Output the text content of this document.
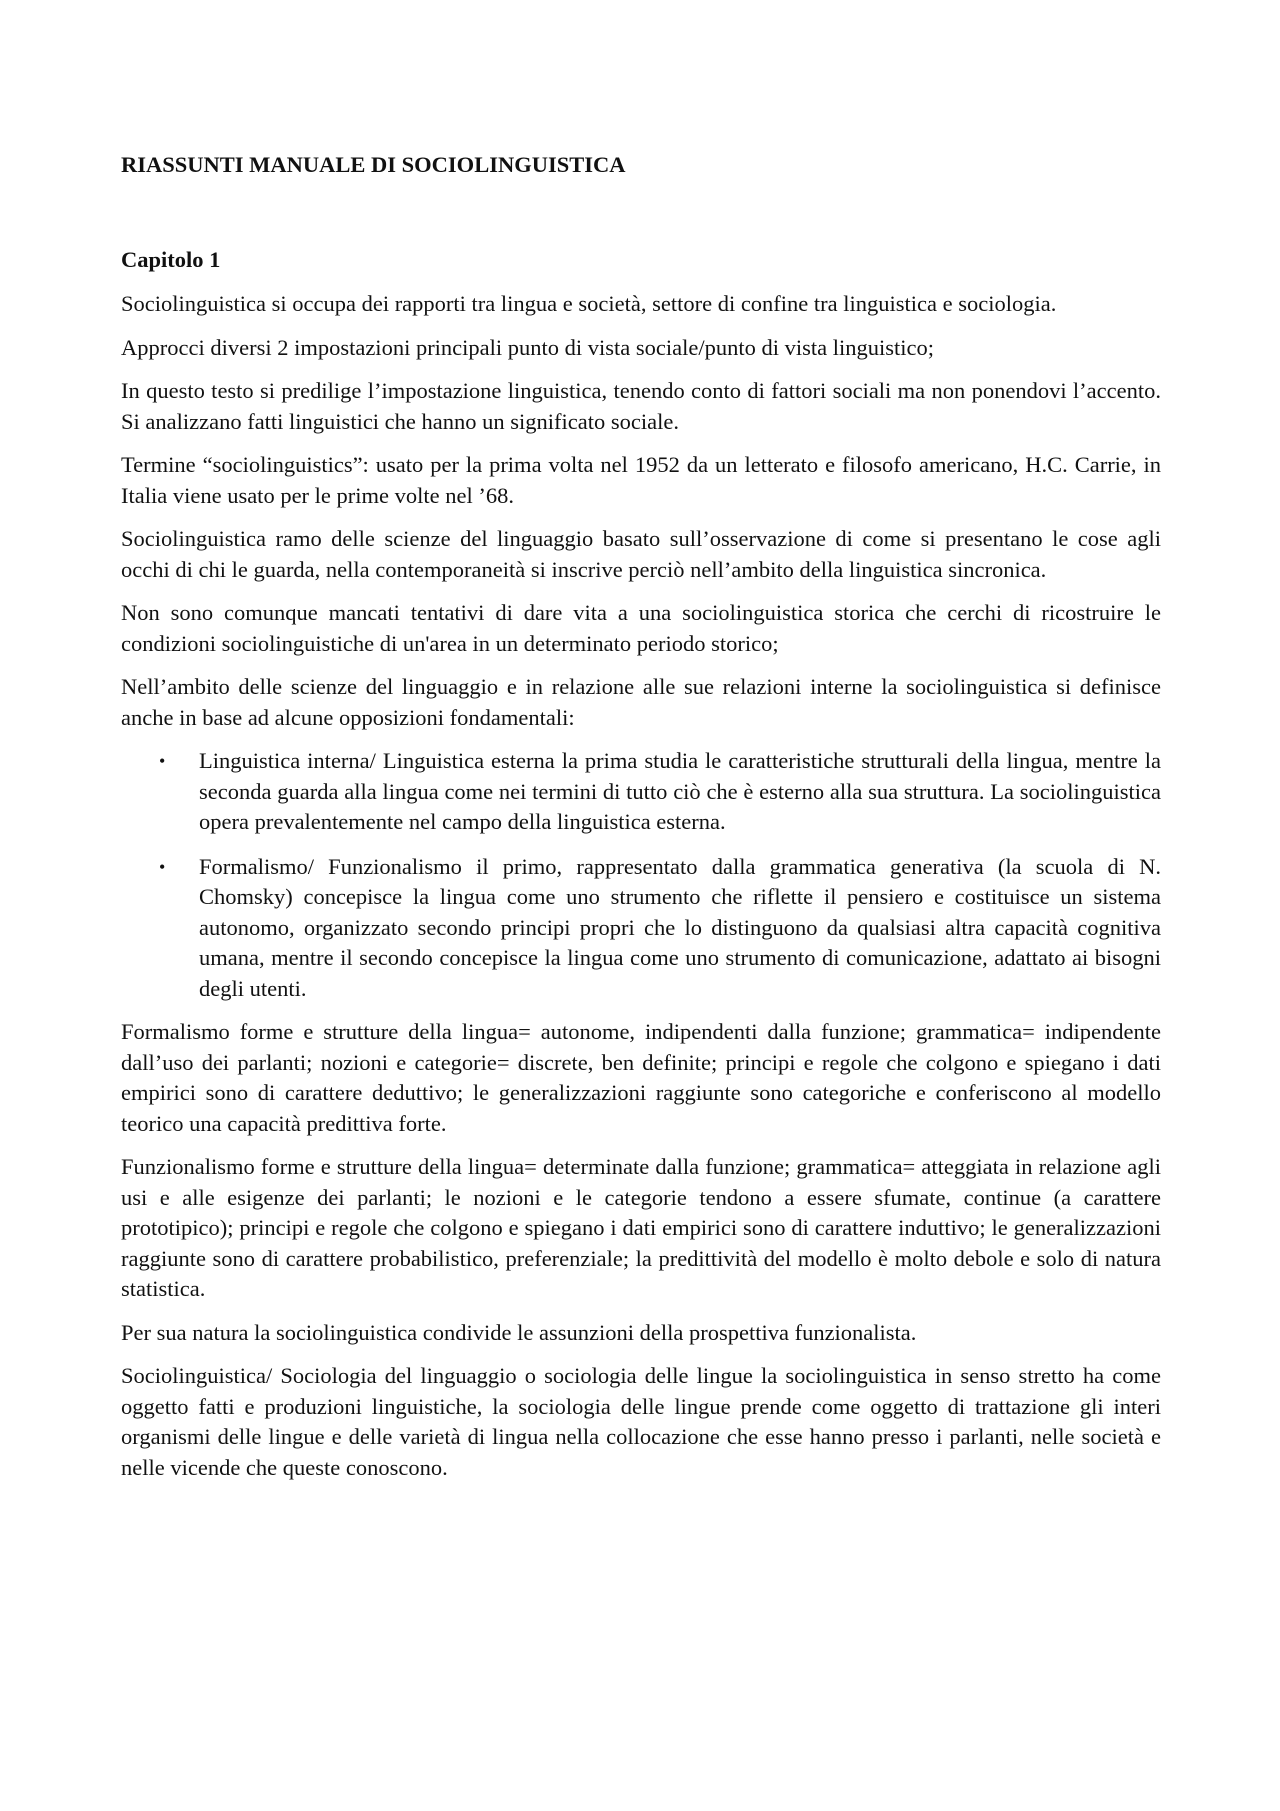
RIASSUNTI MANUALE DI SOCIOLINGUISTICA
Capitolo 1

Sociolinguistica si occupa dei rapporti tra lingua e società, settore di confine tra linguistica e sociologia.

Approcci diversi 2 impostazioni principali punto di vista sociale/punto di vista linguistico;

In questo testo si predilige l’impostazione linguistica, tenendo conto di fattori sociali ma non ponendovi l’accento. Si analizzano fatti linguistici che hanno un significato sociale.

Termine “sociolinguistics”: usato per la prima volta nel 1952 da un letterato e filosofo americano, H.C. Carrie, in Italia viene usato per le prime volte nel ’68.

Sociolinguistica ramo delle scienze del linguaggio basato sull’osservazione di come si presentano le cose agli occhi di chi le guarda, nella contemporaneità si inscrive perciò nell’ambito della linguistica sincronica.

Non sono comunque mancati tentativi di dare vita a una sociolinguistica storica che cerchi di ricostruire le condizioni sociolinguistiche di un'area in un determinato periodo storico;

Nell’ambito delle scienze del linguaggio e in relazione alle sue relazioni interne la sociolinguistica si definisce anche in base ad alcune opposizioni fondamentali:

• Linguistica interna/ Linguistica esterna la prima studia le caratteristiche strutturali della lingua, mentre la seconda guarda alla lingua come nei termini di tutto ciò che è esterno alla sua struttura. La sociolinguistica opera prevalentemente nel campo della linguistica esterna.
• Formalismo/ Funzionalismo il primo, rappresentato dalla grammatica generativa (la scuola di N. Chomsky) concepisce la lingua come uno strumento che riflette il pensiero e costituisce un sistema autonomo, organizzato secondo principi propri che lo distinguono da qualsiasi altra capacità cognitiva umana, mentre il secondo concepisce la lingua come uno strumento di comunicazione, adattato ai bisogni degli utenti.

Formalismo forme e strutture della lingua= autonome, indipendenti dalla funzione; grammatica= indipendente dall’uso dei parlanti; nozioni e categorie= discrete, ben definite; principi e regole che colgono e spiegano i dati empirici sono di carattere deduttivo; le generalizzazioni raggiunte sono categoriche e conferiscono al modello teorico una capacità predittiva forte.

Funzionalismo forme e strutture della lingua= determinate dalla funzione; grammatica= atteggiata in relazione agli usi e alle esigenze dei parlanti; le nozioni e le categorie tendono a essere sfumate, continue (a carattere prototipico); principi e regole che colgono e spiegano i dati empirici sono di carattere induttivo; le generalizzazioni raggiunte sono di carattere probabilistico, preferenziale; la predittività del modello è molto debole e solo di natura statistica.

Per sua natura la sociolinguistica condivide le assunzioni della prospettiva funzionalista.

Sociolinguistica/ Sociologia del linguaggio o sociologia delle lingue la sociolinguistica in senso stretto ha come oggetto fatti e produzioni linguistiche, la sociologia delle lingue prende come oggetto di trattazione gli interi organismi delle lingue e delle varietà di lingua nella collocazione che esse hanno presso i parlanti, nelle società e nelle vicende che queste conoscono.
